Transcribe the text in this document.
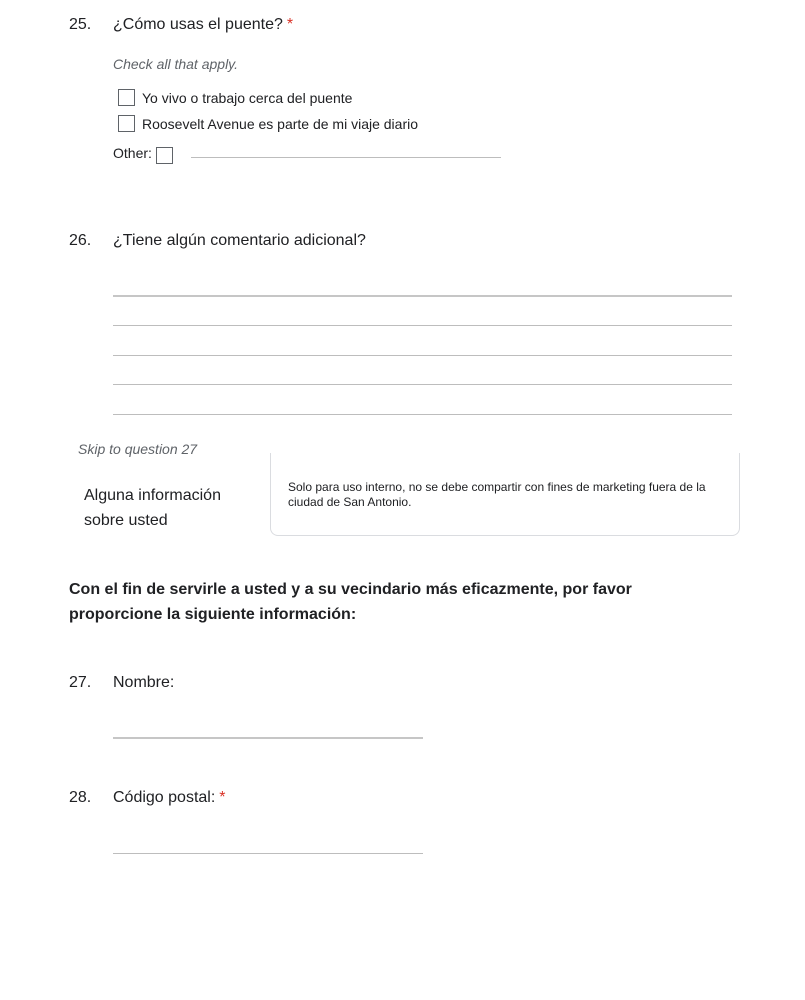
25.	¿Cómo usas el puente? *
Check all that apply.
Yo vivo o trabajo cerca del puente
Roosevelt Avenue es parte de mi viaje diario
Other:
26.	¿Tiene algún comentario adicional?
Skip to question 27
Alguna información sobre usted
Solo para uso interno, no se debe compartir con fines de marketing fuera de la ciudad de San Antonio.
Con el fin de servirle a usted y a su vecindario más eficazmente, por favor proporcione la siguiente información:
27.	Nombre:
28.	Código postal: *
